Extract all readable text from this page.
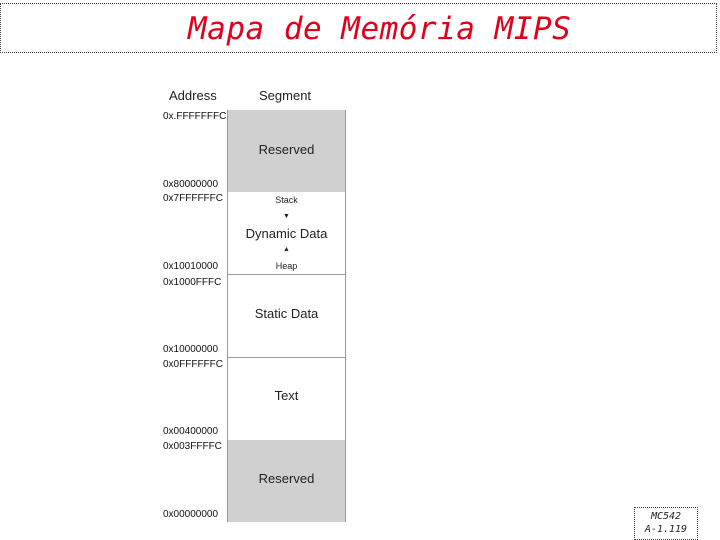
Mapa de Memória MIPS
Address	Segment
0x.FFFFFFFC
0x80000000
0x7FFFFFFC
0x10010000
0x1000FFFC
0x10000000
0x0FFFFFFC
0x00400000
0x003FFFFC
0x00000000
Reserved
Stack
▼
Dynamic Data
▲
Heap
Static Data
Text
Reserved
MC542
A-1.119
